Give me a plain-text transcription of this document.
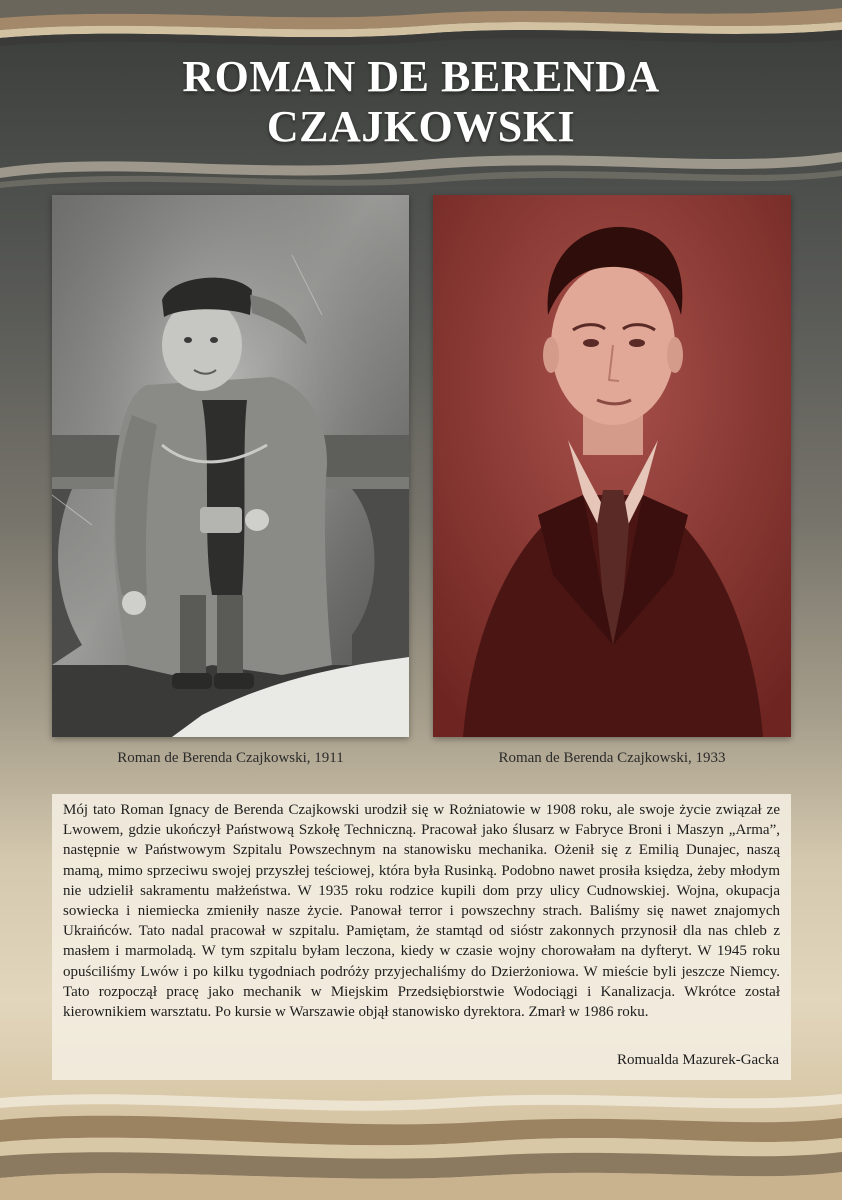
ROMAN DE BERENDA
CZAJKOWSKI
Roman de Berenda Czajkowski, 1911	Roman de Berenda Czajkowski, 1933

Mój tato Roman Ignacy de Berenda Czajkowski urodził się w Rożniatowie w 1908 roku, ale swoje życie związał ze Lwowem, gdzie ukończył Państwową Szkołę Techniczną. Pracował jako ślusarz w Fabryce Broni i Maszyn „Arma”, następnie w Państwowym Szpitalu Powszechnym na stanowisku mechanika. Ożenił się z Emilią Dunajec, naszą mamą, mimo sprzeciwu swojej przyszłej teściowej, która była Rusinką. Podobno nawet prosiła księdza, żeby młodym nie udzielił sakramentu małżeństwa. W 1935 roku rodzice kupili dom przy ulicy Cudnowskiej. Wojna, okupacja sowiecka i niemiecka zmieniły nasze życie. Panował terror i powszechny strach. Baliśmy się nawet znajomych Ukraińców. Tato nadal pracował w szpitalu. Pamiętam, że stamtąd od sióstr zakonnych przynosił dla nas chleb z masłem i marmoladą. W tym szpitalu byłam leczona, kiedy w czasie wojny chorowałam na dyfteryt. W 1945 roku opuściliśmy Lwów i po kilku tygodniach podróży przyjechaliśmy do Dzierżoniowa. W mieście byli jeszcze Niemcy. Tato rozpoczął pracę jako mechanik w Miejskim Przedsiębiorstwie Wodociągi i Kanalizacja. Wkrótce został kierownikiem warsztatu. Po kursie w Warszawie objął stanowisko dyrektora. Zmarł w 1986 roku.

Romualda Mazurek-Gacka
